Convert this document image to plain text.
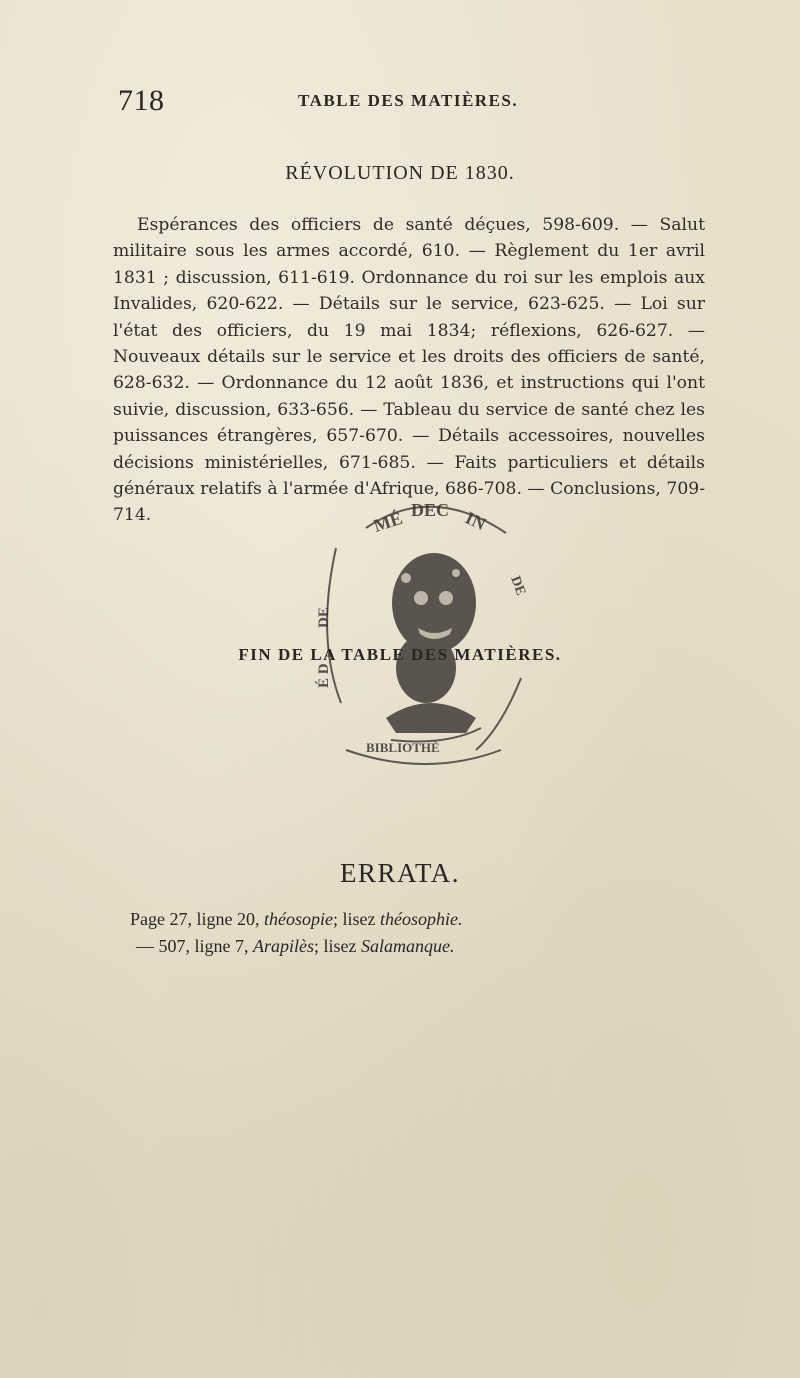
718	TABLE DES MATIÈRES.
RÉVOLUTION DE 1830.

Espérances des officiers de santé déçues, 598-609. — Salut militaire sous les armes accordé, 610. — Règlement du 1er avril 1831 ; discussion, 611-619. Ordonnance du roi sur les emplois aux Invalides, 620-622. — Détails sur le service, 623-625. — Loi sur l'état des officiers, du 19 mai 1834; réflexions, 626-627. — Nouveaux détails sur le service et les droits des officiers de santé, 628-632. — Ordonnance du 12 août 1836, et instructions qui l'ont suivie, discussion, 633-656. — Tableau du service de santé chez les puissances étrangères, 657-670. — Détails accessoires, nouvelles décisions ministérielles, 671-685. — Faits particuliers et détails généraux relatifs à l'armée d'Afrique, 686-708. — Conclusions, 709-714.	MÉ DEC IN
DE
É D
DE
BIBLIOTHÈ
FIN DE LA TABLE DES MATIÈRES.
ERRATA.
Page 27, ligne 20, théosopie; lisez théosophie.
— 507, ligne 7, Arapilès; lisez Salamanque.
